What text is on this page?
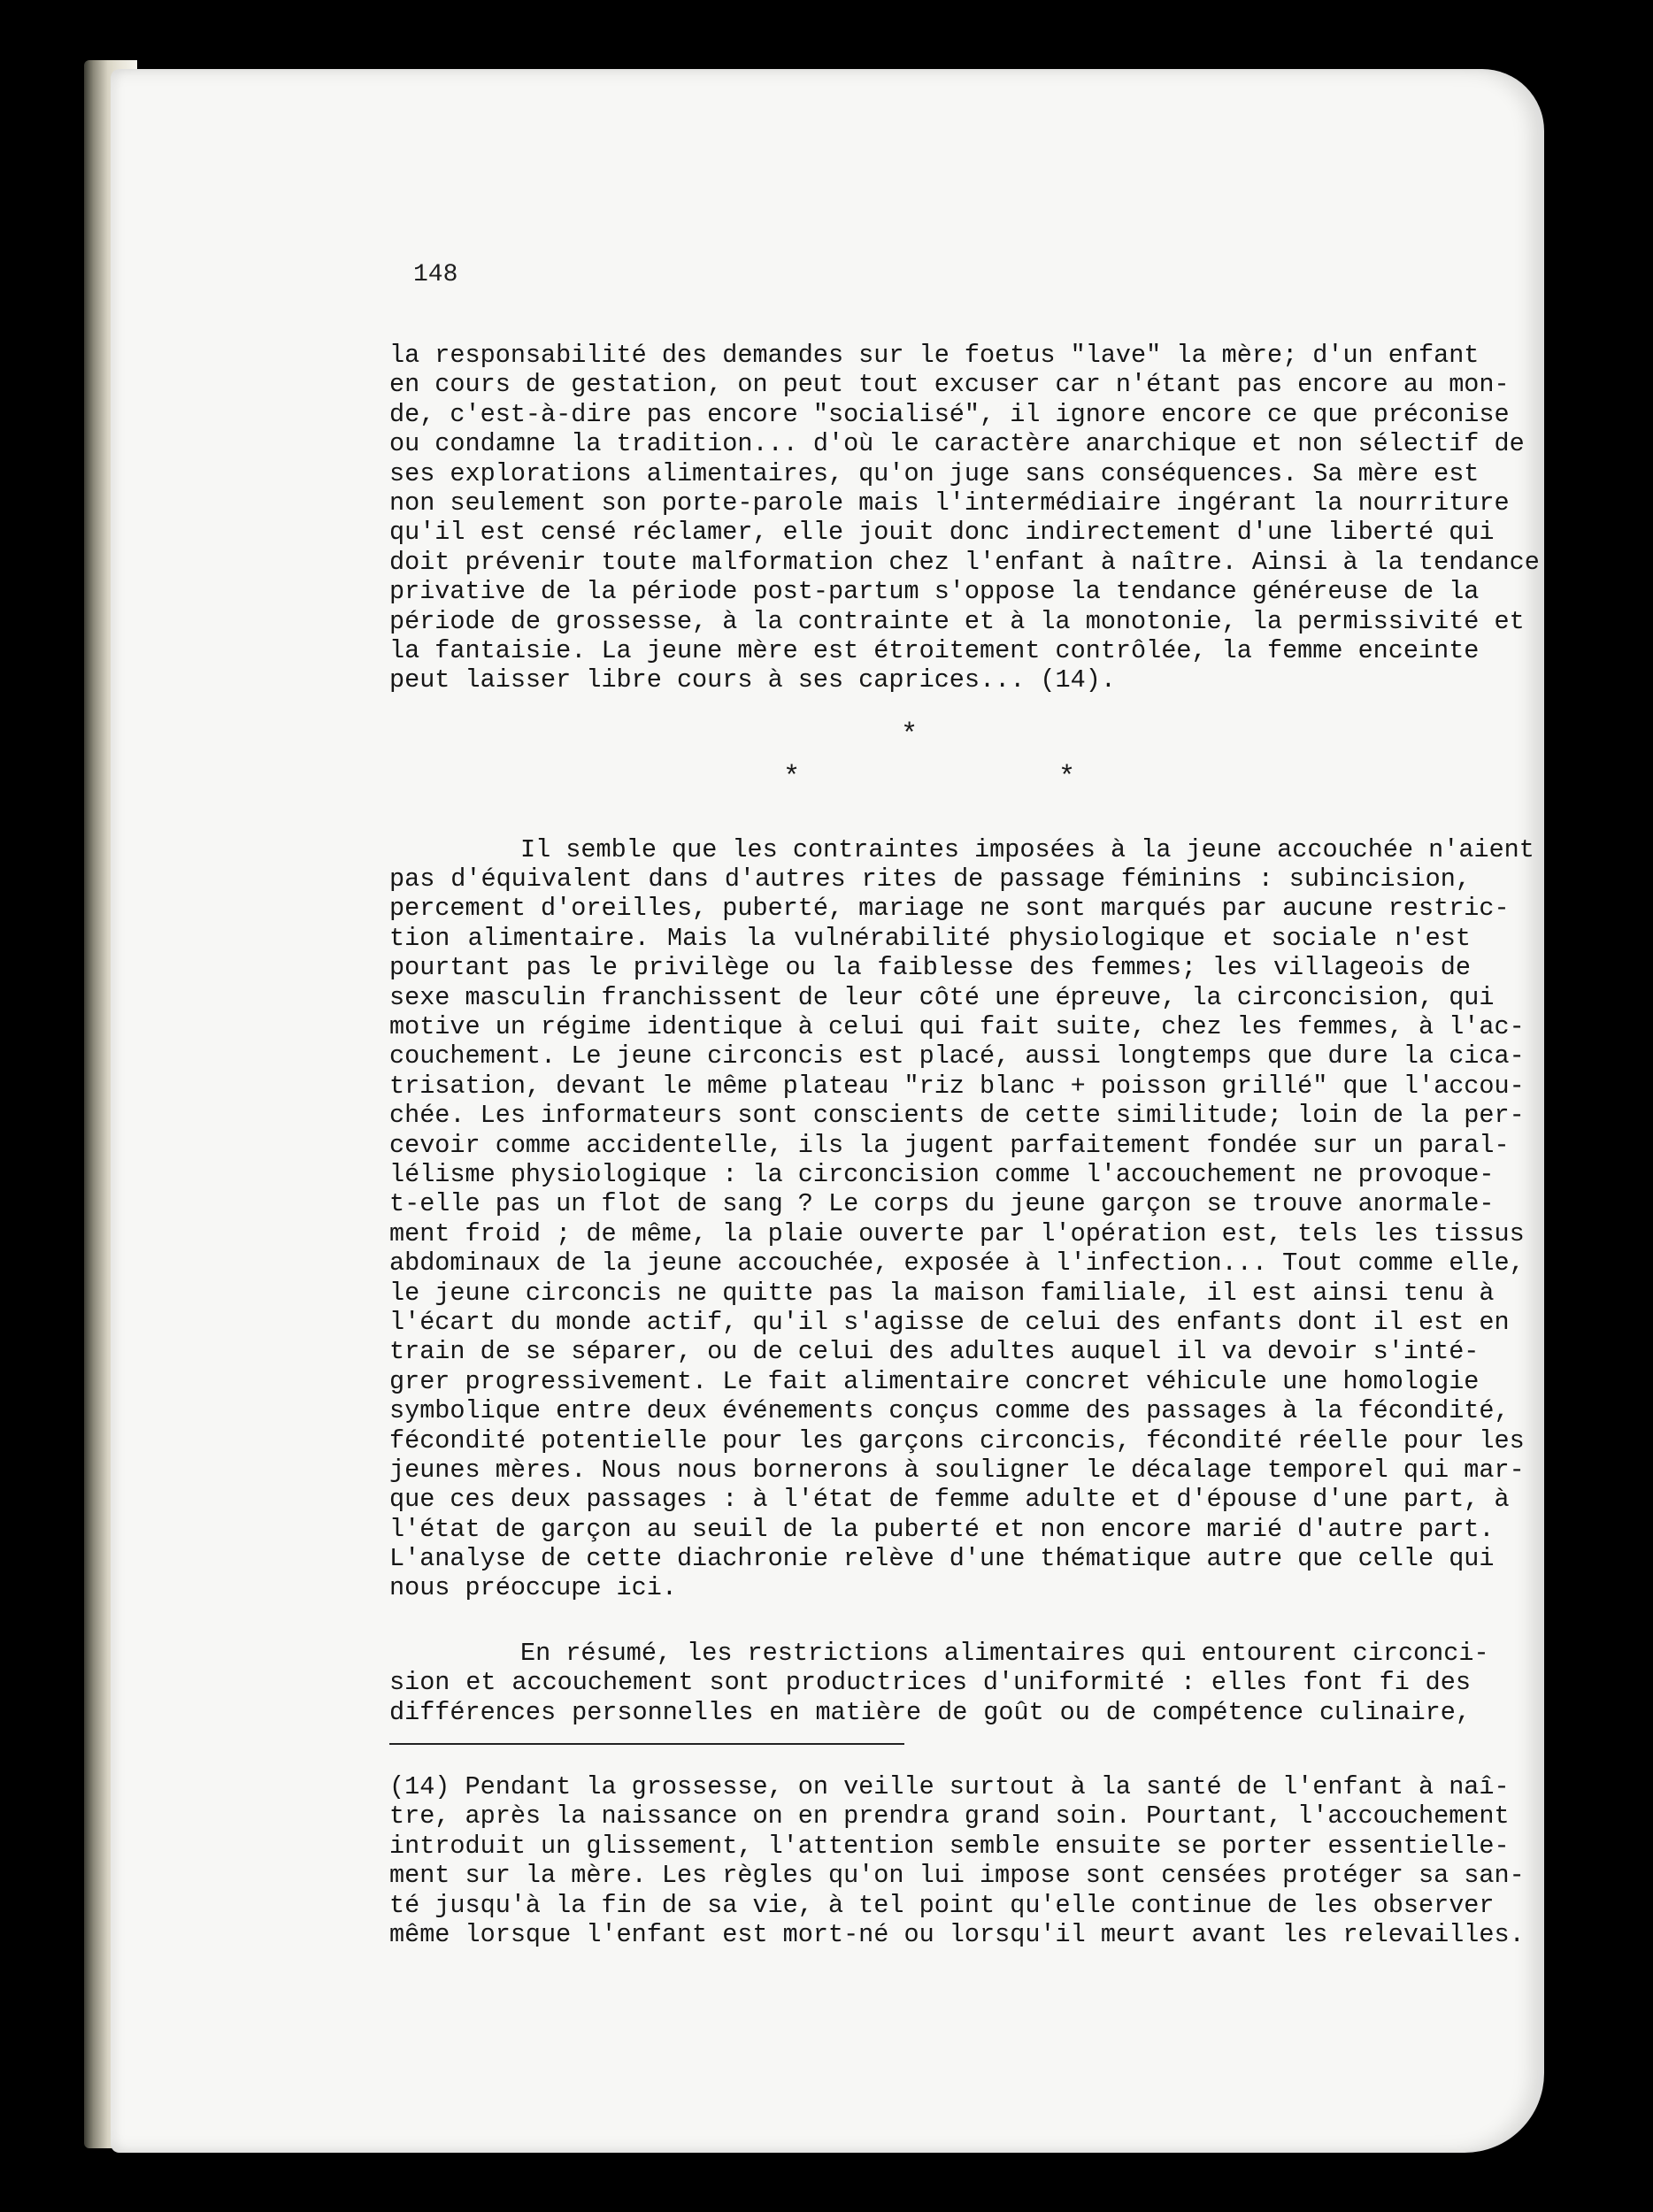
148
la responsabilité des demandes sur le foetus "lave" la mère; d'un enfant
en cours de gestation, on peut tout excuser car n'étant pas encore au mon-
de, c'est-à-dire pas encore "socialisé", il ignore encore ce que préconise
ou condamne la tradition... d'où le caractère anarchique et non sélectif de
ses explorations alimentaires, qu'on juge sans conséquences. Sa mère est
non seulement son porte-parole mais l'intermédiaire ingérant la nourriture
qu'il est censé réclamer, elle jouit donc indirectement d'une liberté qui
doit prévenir toute malformation chez l'enfant à naître. Ainsi à la tendance
privative de la période post-partum s'oppose la tendance généreuse de la
période de grossesse, à la contrainte et à la monotonie, la permissivité et
la fantaisie. La jeune mère est étroitement contrôlée, la femme enceinte
peut laisser libre cours à ses caprices... (14).
*
*	*
Il semble que les contraintes imposées à la jeune accouchée n'aient
pas d'équivalent dans d'autres rites de passage féminins : subincision,
percement d'oreilles, puberté, mariage ne sont marqués par aucune restric-
tion alimentaire. Mais la vulnérabilité physiologique et sociale n'est
pourtant pas le privilège ou la faiblesse des femmes; les villageois de
sexe masculin franchissent de leur côté une épreuve, la circoncision, qui
motive un régime identique à celui qui fait suite, chez les femmes, à l'ac-
couchement. Le jeune circoncis est placé, aussi longtemps que dure la cica-
trisation, devant le même plateau "riz blanc + poisson grillé" que l'accou-
chée. Les informateurs sont conscients de cette similitude; loin de la per-
cevoir comme accidentelle, ils la jugent parfaitement fondée sur un paral-
lélisme physiologique : la circoncision comme l'accouchement ne provoque-
t-elle pas un flot de sang ? Le corps du jeune garçon se trouve anormale-
ment froid ; de même, la plaie ouverte par l'opération est, tels les tissus
abdominaux de la jeune accouchée, exposée à l'infection... Tout comme elle,
le jeune circoncis ne quitte pas la maison familiale, il est ainsi tenu à
l'écart du monde actif, qu'il s'agisse de celui des enfants dont il est en
train de se séparer, ou de celui des adultes auquel il va devoir s'inté-
grer progressivement. Le fait alimentaire concret véhicule une homologie
symbolique entre deux événements conçus comme des passages à la fécondité,
fécondité potentielle pour les garçons circoncis, fécondité réelle pour les
jeunes mères. Nous nous bornerons à souligner le décalage temporel qui mar-
que ces deux passages : à l'état de femme adulte et d'épouse d'une part, à
l'état de garçon au seuil de la puberté et non encore marié d'autre part.
L'analyse de cette diachronie relève d'une thématique autre que celle qui
nous préoccupe ici.
En résumé, les restrictions alimentaires qui entourent circonci-
sion et accouchement sont productrices d'uniformité : elles font fi des
différences personnelles en matière de goût ou de compétence culinaire,
(14) Pendant la grossesse, on veille surtout à la santé de l'enfant à naî-
tre, après la naissance on en prendra grand soin. Pourtant, l'accouchement
introduit un glissement, l'attention semble ensuite se porter essentielle-
ment sur la mère. Les règles qu'on lui impose sont censées protéger sa san-
té jusqu'à la fin de sa vie, à tel point qu'elle continue de les observer
même lorsque l'enfant est mort-né ou lorsqu'il meurt avant les relevailles.
